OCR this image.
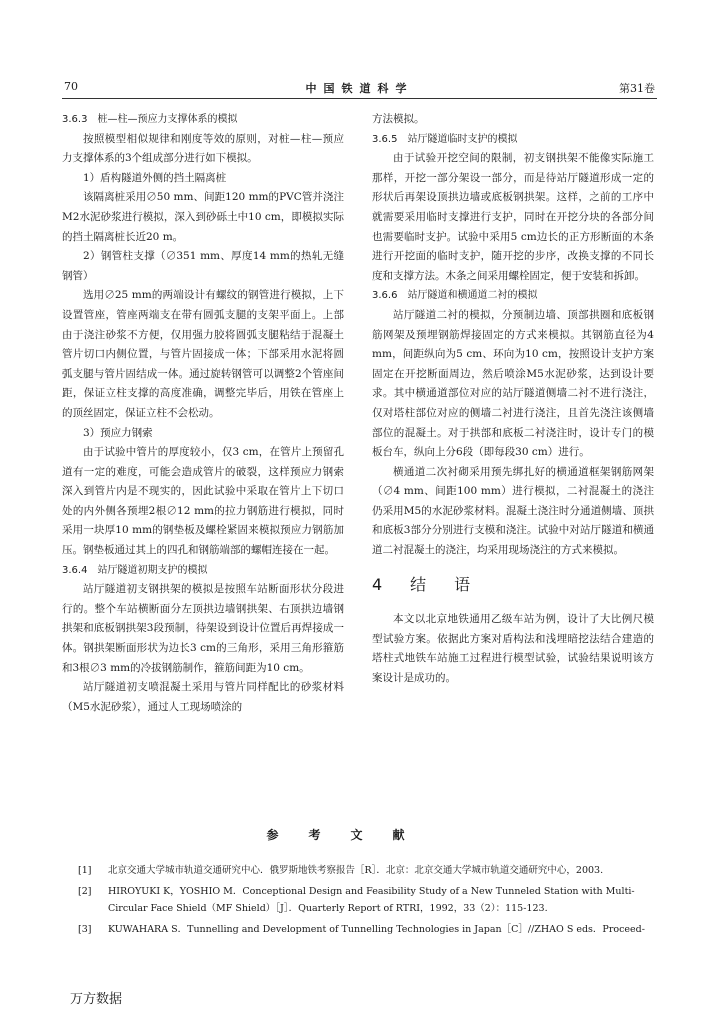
70	中国铁道科学	第31卷

3.6.3　桩—柱—预应力支撑体系的模拟

按照模型相似规律和刚度等效的原则，对桩—柱—预应力支撑体系的3个组成部分进行如下模拟。

1）盾构隧道外侧的挡土隔离桩

该隔离桩采用∅50 mm、间距120 mm的PVC管并浇注M2水泥砂浆进行模拟，深入到砂砾土中10 cm，即模拟实际的挡土隔离桩长近20 m。

2）钢管柱支撑（∅351 mm、厚度14 mm的热轧无缝钢管）

选用∅25 mm的两端设计有螺纹的钢管进行模拟，上下设置管座，管座两端支在带有圆弧支腿的支架平面上。上部由于浇注砂浆不方便，仅用强力胶将圆弧支腿粘结于混凝土管片切口内侧位置，与管片固接成一体；下部采用水泥将圆弧支腿与管片固结成一体。通过旋转钢管可以调整2个管座间距，保证立柱支撑的高度准确，调整完毕后，用铁在管座上的顶丝固定，保证立柱不会松动。

3）预应力钢索

由于试验中管片的厚度较小，仅3 cm，在管片上预留孔道有一定的难度，可能会造成管片的破裂，这样预应力钢索深入到管片内是不现实的，因此试验中采取在管片上下切口处的内外侧各预埋2根∅12 mm的拉力钢筋进行模拟，同时采用一块厚10 mm的钢垫板及螺栓紧固来模拟预应力钢筋加压。钢垫板通过其上的四孔和钢筋端部的螺帽连接在一起。

3.6.4　站厅隧道初期支护的模拟

站厅隧道初支钢拱架的模拟是按照车站断面形状分段进行的。整个车站横断面分左顶拱边墙钢拱架、右顶拱边墙钢拱架和底板钢拱架3段预制，待架设到设计位置后再焊接成一体。钢拱架断面形状为边长3 cm的三角形，采用三角形箍筋和3根∅3 mm的冷拔钢筋制作，箍筋间距为10 cm。

站厅隧道初支喷混凝土采用与管片同样配比的砂浆材料（M5水泥砂浆），通过人工现场喷涂的

方法模拟。

3.6.5　站厅隧道临时支护的模拟

由于试验开挖空间的限制，初支钢拱架不能像实际施工那样，开挖一部分架设一部分，而是待站厅隧道形成一定的形状后再架设顶拱边墙或底板钢拱架。这样，之前的工序中就需要采用临时支撑进行支护，同时在开挖分块的各部分间也需要临时支护。试验中采用5 cm边长的正方形断面的木条进行开挖面的临时支护，随开挖的步序，改换支撑的不同长度和支撑方法。木条之间采用螺栓固定，便于安装和拆卸。

3.6.6　站厅隧道和横通道二衬的模拟

站厅隧道二衬的模拟，分预制边墙、顶部拱圈和底板钢筋网架及预埋钢筋焊接固定的方式来模拟。其钢筋直径为4 mm，间距纵向为5 cm、环向为10 cm，按照设计支护方案固定在开挖断面周边，然后喷涂M5水泥砂浆，达到设计要求。其中横通道部位对应的站厅隧道侧墙二衬不进行浇注，仅对塔柱部位对应的侧墙二衬进行浇注，且首先浇注该侧墙部位的混凝土。对于拱部和底板二衬浇注时，设计专门的模板台车，纵向上分6段（即每段30 cm）进行。

横通道二次衬砌采用预先绑扎好的横通道框架钢筋网架（∅4 mm、间距100 mm）进行模拟，二衬混凝土的浇注仍采用M5的水泥砂浆材料。混凝土浇注时分通道侧墙、顶拱和底板3部分分别进行支模和浇注。试验中对站厅隧道和横通道二衬混凝土的浇注，均采用现场浇注的方式来模拟。

4　结　语

本文以北京地铁通用乙级车站为例，设计了大比例尺模型试验方案。依据此方案对盾构法和浅埋暗挖法结合建造的塔柱式地铁车站施工过程进行模型试验，试验结果说明该方案设计是成功的。

参考文献
[1] 北京交通大学城市轨道交通研究中心．俄罗斯地铁考察报告［R］．北京：北京交通大学城市轨道交通研究中心，2003.
[2] HIROYUKI K，YOSHIO M．Conceptional Design and Feasibility Study of a New Tunneled Station with Multi-Circular Face Shield（MF Shield）［J］．Quarterly Report of RTRI，1992，33（2）：115-123.
[3] KUWAHARA S．Tunnelling and Development of Tunnelling Technologies in Japan［C］//ZHAO S eds．Proceed-
万方数据
